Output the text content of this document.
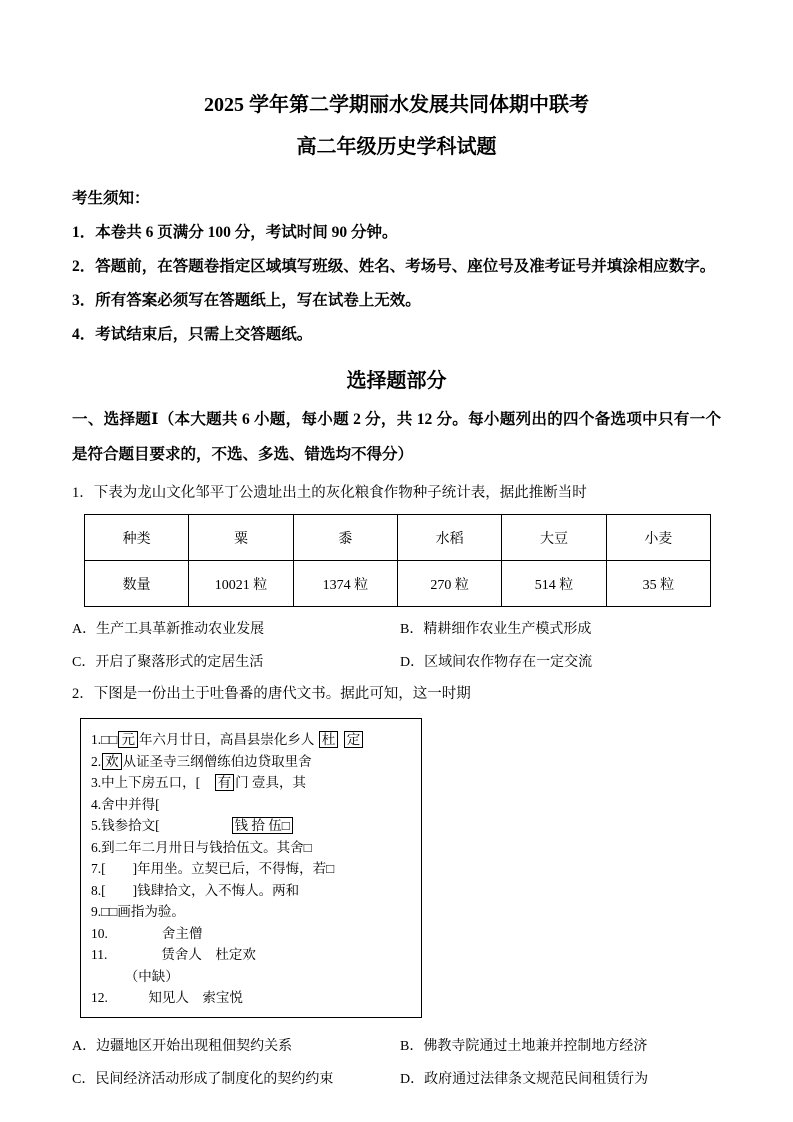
2025 学年第二学期丽水发展共同体期中联考
高二年级历史学科试题
考生须知：
1．本卷共 6 页满分 100 分，考试时间 90 分钟。
2．答题前，在答题卷指定区域填写班级、姓名、考场号、座位号及准考证号并填涂相应数字。
3．所有答案必须写在答题纸上，写在试卷上无效。
4．考试结束后，只需上交答题纸。
选择题部分
一、选择题Ⅰ（本大题共 6 小题，每小题 2 分，共 12 分。每小题列出的四个备选项中只有一个是符合题目要求的，不选、多选、错选均不得分）
1．下表为龙山文化邹平丁公遗址出土的灰化粮食作物种子统计表，据此推断当时
种类	粟	黍	水稻	大豆	小麦
数量	10021 粒	1374 粒	270 粒	514 粒	35 粒
A．生产工具革新推动农业发展	B．精耕细作农业生产模式形成
C．开启了聚落形式的定居生活	D．区域间农作物存在一定交流
2．下图是一份出土于吐鲁番的唐代文书。据此可知，这一时期
1.□□ 元 年六月廿日，高昌县崇化乡人 杜 定
2. 欢 从证圣寺三纲僧练伯边贷取里舍
3.中上下房五口，[　有 门 壹具，其
4.舍中并得[
5.钱参拾文[　　　　　 钱 拾 伍□
6.到二年二月卅日与钱拾伍文。其舍□
7.[　　]年用坐。立契已后，不得悔，若□
8.[　　]钱肆拾文，入不悔人。两和
9.□□画指为验。
10.　　　　舍主僧
11.　　　　赁舍人　杜定欢
　　　（中缺）
12.　　　知见人　索宝悦
A．边疆地区开始出现租佃契约关系	B．佛教寺院通过土地兼并控制地方经济
C．民间经济活动形成了制度化的契约约束	D．政府通过法律条文规范民间租赁行为
